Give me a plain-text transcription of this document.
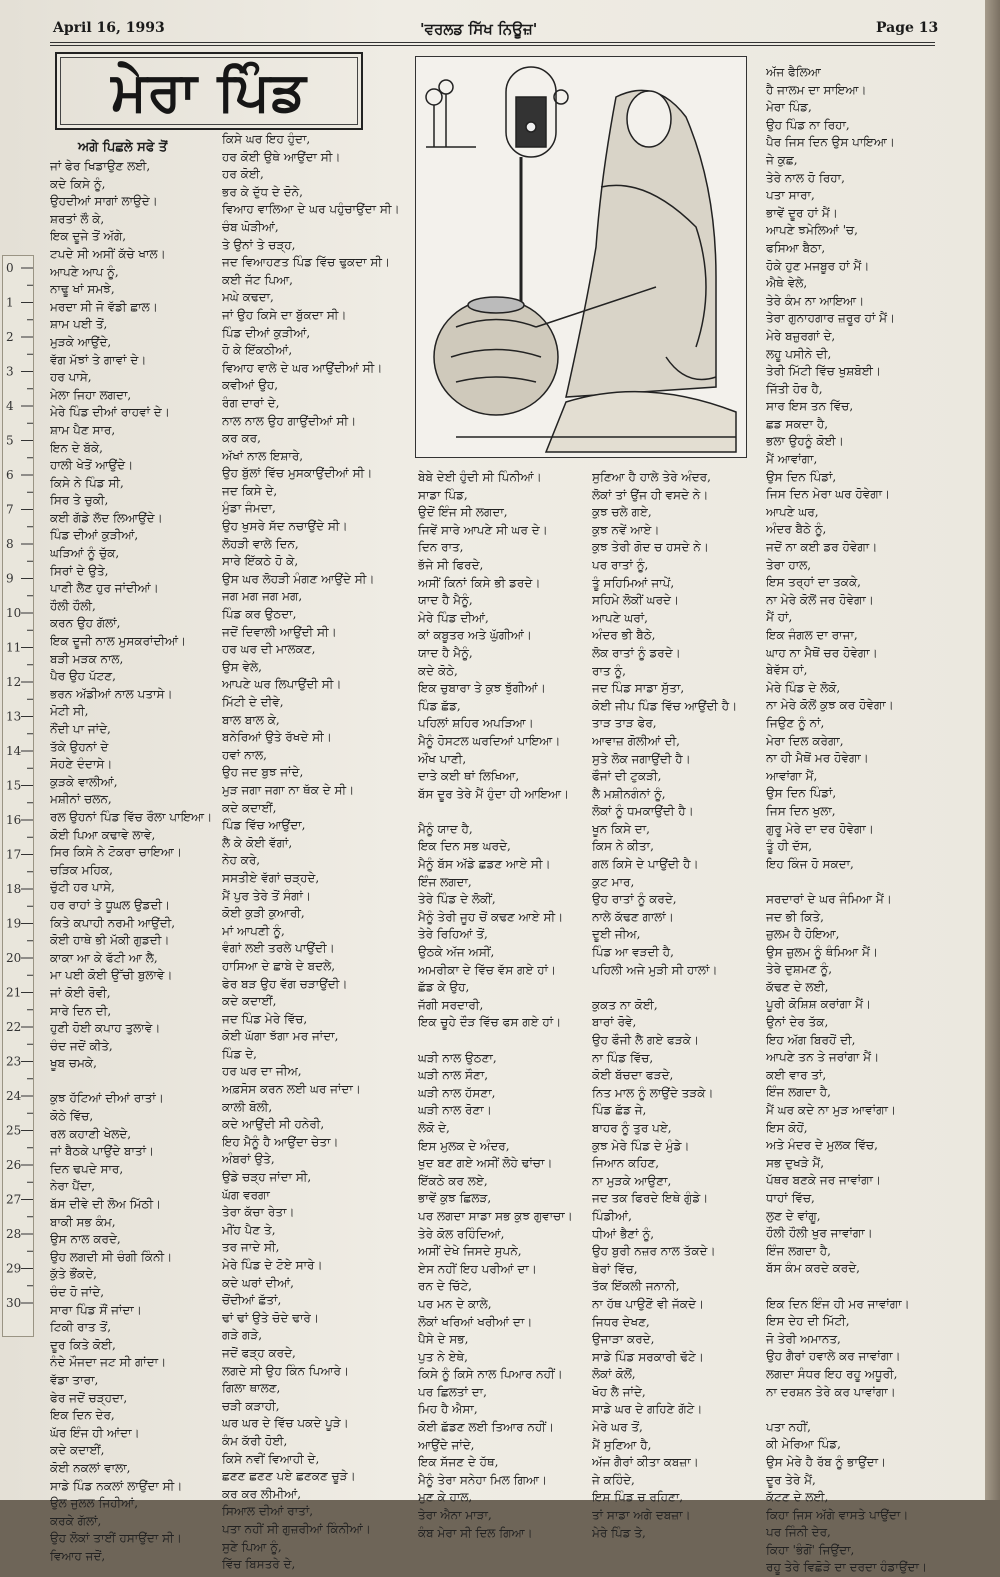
April 16, 1993	'ਵਰਲਡ ਸਿੱਖ ਨਿਊਜ਼'	Page 13
ਮੇਰਾ ਪਿੰਡ
ਅਗੇ ਪਿਛਲੇ ਸਫੇ ਤੋਂ
0
1
2
3
4
5
6
7
8
9
10
11
12
13
14
15
16
17
18
19
20
21
22
23
24
25
26
27
28
29
30
ਜਾਂ ਫੇਰ ਖਿਡਾਉਣ ਲਈ,
ਕਦੇ ਕਿਸੇ ਨੂੰ,
ਉਹਦੀਆਂ ਸਾਗਾਂ ਲਾਉਦੇ।
ਸ਼ਰਤਾਂ ਲੌ ਕੇ,
ਇਕ ਦੂਜੇ ਤੋਂ ਅੱਗੇ,
ਟਪਦੇ ਸੀ ਅਸੀਂ ਕੱਚੇ ਖਾਲ।
ਆਪਣੇ ਆਪ ਨੂੰ,
ਨਾਢੂ ਖਾਂ ਸਮਝੇ,
ਮਰਦਾ ਸੀ ਜੋ ਵੱਡੀ ਛਾਲ।
ਸ਼ਾਮ ਪਈ ਤੋਂ,
ਮੁੜਕੇ ਆਉਂਦੇ,
ਵੱਗ ਮੱਝਾਂ ਤੇ ਗਾਵਾਂ ਦੇ।
ਹਰ ਪਾਸੇ,
ਮੇਲਾ ਜਿਹਾ ਲਗਦਾ,
ਮੇਰੇ ਪਿੰਡ ਦੀਆਂ ਰਾਹਵਾਂ ਦੇ।
ਸ਼ਾਮ ਪੈਣ ਸਾਰ,
ਇਨ ਦੇ ਬੱਕੇ,
ਹਾਲੀ ਖੇਤੋਂ ਆਉਂਦੇ।
ਕਿਸੇ ਨੇ ਪਿੰਡ ਸੀ,
ਸਿਰ ਤੇ ਚੁਕੀ,
ਕਈ ਗੱਡੇ ਲੱਦ ਲਿਆਉਂਦੇ।
ਪਿੰਡ ਦੀਆਂ ਕੁੜੀਆਂ,
ਘੜਿਆਂ ਨੂੰ ਚੁੱਕ,
ਸਿਰਾਂ ਦੇ ਉਤੇ,
ਪਾਣੀ ਲੈਣ ਹੁਰ ਜਾਂਦੀਆਂ।
ਹੌਲੀ ਹੌਲੀ,
ਕਰਨ ਉਹ ਗੱਲਾਂ,
ਇਕ ਦੂਜੀ ਨਾਲ ਮੁਸਕਰਾਂਦੀਆਂ।
ਬੜੀ ਮੜਕ ਨਾਲ,
ਪੈਰ ਉਹ ਪੱਟਣ,
ਭਰਨ ਅੱਡੀਆਂ ਨਾਲ ਪਤਾਸੇ।
ਮੋਟੀ ਸੀ,
ਨੌਂਦੀ ਪਾ ਜਾਂਦੇ,
ਤੱਕੇ ਉਹਨਾਂ ਦੇ
ਸੋਹਣੇ ਦੰਦਾਸੇ।
ਕੁੜਕੇ ਵਾਲੀਆਂ,
ਮਸ਼ੀਨਾਂ ਚਲਨ,
ਰਲ ਉਹਨਾਂ ਪਿੰਡ ਵਿੱਚ ਰੌਲਾ ਪਾਇਆ।
ਕੋਈ ਪਿਆ ਕਢਾਵੇ ਲਾਵੇ,
ਸਿਰ ਕਿਸੇ ਨੇ ਟੋਕਰਾ ਚਾਇਆ।
ਚੜਿਕ ਮਹਿਕ,
ਚੁੱਟੀ ਹਰ ਪਾਸੇ,
ਹਰ ਰਾਹਾਂ ਤੇ ਧੂਘਲ ਉਡਦੀ।
ਕਿਤੇ ਕਪਾਹੀ ਨਰਮੀ ਆਉਂਦੀ,
ਕੋਈ ਹਾਥੇ ਭੀ ਮੱਕੀ ਗੁਡਦੀ।
ਕਾਕਾ ਆ ਕੇ ਫੱਟੀ ਆ ਲੈ,
ਮਾ ਪਈ ਕੋਈ ਉੱਚੀ ਬੁਲਾਵੇ।
ਜਾਂ ਕੋਈ ਰੋਵੀ,
ਸਾਰੇ ਦਿਨ ਦੀ,
ਹੁਣੀ ਹੋਈ ਕਪਾਹ ਤੁਲਾਵੇ।
ਚੰਦ ਜਦੋਂ ਕੀਤੇ,
ਖੂਬ ਚਮਕੇ,
ਕੁਝ ਹੱਟਿਆਂ ਦੀਆਂ ਰਾਤਾਂ।
ਕੋਠੇ ਵਿੱਚ,
ਰਲ ਕਹਾਣੀ ਖੇਲਦੇ,
ਜਾਂ ਬੈਠਕੇ ਪਾਉਂਦੇ ਬਾਤਾਂ।
ਦਿਨ ਢਪਦੇ ਸਾਰ,
ਨੇਰਾ ਪੈਂਦਾ,
ਬੱਸ ਦੀਵੇ ਦੀ ਲੋਅ ਮਿੱਠੀ।
ਬਾਕੀ ਸਭ ਕੰਮ,
ਉਸ ਨਾਲ ਕਰਦੇ,
ਉਹ ਲਗਦੀ ਸੀ ਚੰਗੀ ਕਿੰਨੀ।
ਕੁੱਤੇ ਭੌਂਕਦੇ,
ਚੰਦ ਹੋ ਜਾਂਦੇ,
ਸਾਰਾ ਪਿੰਡ ਸੌਂ ਜਾਂਦਾ।
ਟਿਕੀ ਰਾਤ ਤੋਂ,
ਦੂਰ ਕਿਤੇ ਕੋਈ,
ਨੰਦੇ ਮੌਜਦਾ ਜਟ ਸੀ ਗਾਂਦਾ।
ਵੱਡਾ ਤਾਰਾ,
ਫੇਰ ਜਦੋਂ ਚੜ੍ਹਦਾ,
ਇਕ ਦਿਨ ਦੇਰ,
ਘੱਰ ਇੰਜ ਹੀ ਆਂਦਾ।
ਕਦੇ ਕਦਾਈਂ,
ਕੋਈ ਨਕਲਾਂ ਵਾਲਾ,
ਸਾਡੇ ਪਿੰਡ ਨਕਲਾਂ ਲਾਉਂਦਾ ਸੀ।
ਉਲ ਜੁਲਲ ਜਿਹੀਆਂ,
ਕਰਕੇ ਗੱਲਾਂ,
ਉਹ ਲੋਕਾਂ ਤਾਈਂ ਹਸਾਉਂਦਾ ਸੀ।
ਵਿਆਹ ਜਦੋਂ,
ਕਿਸੇ ਘਰ ਇਹ ਹੁੰਦਾ,
ਹਰ ਕੋਈ ਉਥੇ ਆਉਂਦਾ ਸੀ।
ਹਰ ਕੋਈ,
ਭਰ ਕੇ ਦੁੱਧ ਦੇ ਦੋਨੇ,
ਵਿਆਹ ਵਾਲਿਆ ਦੇ ਘਰ ਪਹੁੰਚਾਉਂਦਾ ਸੀ।
ਚੰਬ ਘੋੜੀਆਂ,
ਤੇ ਉਨਾਂ ਤੇ ਚੜ੍ਹ,
ਜਦ ਵਿਆਹਣਤ ਪਿੰਡ ਵਿੱਚ ਢੁਕਦਾ ਸੀ।
ਕਈ ਜੱਟ ਪਿਆ,
ਮਘੇ ਕਢਦਾ,
ਜਾਂ ਉਹ ਕਿਸੇ ਦਾ ਬੁੱਕਦਾ ਸੀ।
ਪਿੰਡ ਦੀਆਂ ਕੁੜੀਆਂ,
ਹੋ ਕੇ ਇੱਕਠੀਆਂ,
ਵਿਆਹ ਵਾਲੇ ਦੇ ਘਰ ਆਉਂਦੀਆਂ ਸੀ।
ਕਵੀਆਂ ਉਹ,
ਰੰਗ ਦਾਰਾਂ ਦੇ,
ਨਾਲ ਨਾਲ ਉਹ ਗਾਉਂਦੀਆਂ ਸੀ।
ਕਰ ਕਰ,
ਅੱਖਾਂ ਨਾਲ ਇਸ਼ਾਰੇ,
ਉਹ ਬੁੱਲਾਂ ਵਿੱਚ ਮੁਸਕਾਉਂਦੀਆਂ ਸੀ।
ਜਦ ਕਿਸੇ ਦੇ,
ਮੁੰਡਾ ਜੰਮਦਾ,
ਉਹ ਖੁਸਰੇ ਸੱਦ ਨਚਾਉਂਦੇ ਸੀ।
ਲੋਹੜੀ ਵਾਲੇ ਦਿਨ,
ਸਾਰੇ ਇੱਕਠੇ ਹੋ ਕੇ,
ਉਸ ਘਰ ਲੋਹੜੀ ਮੰਗਣ ਆਉਂਦੇ ਸੀ।
ਜਗ ਮਗ ਜਗ ਮਗ,
ਪਿੰਡ ਕਰ ਉਠਦਾ,
ਜਦੋਂ ਦਿਵਾਲੀ ਆਉਂਦੀ ਸੀ।
ਹਰ ਘਰ ਦੀ ਮਾਲਕਣ,
ਉਸ ਵੇਲੇ,
ਆਪਣੇ ਘਰ ਲਿਪਾਉਂਦੀ ਸੀ।
ਮਿੱਟੀ ਦੇ ਦੀਵੇ,
ਬਾਲ ਬਾਲ ਕੇ,
ਬਨੇਰਿਆਂ ਉਤੇ ਰੱਖਦੇ ਸੀ।
ਹਵਾਂ ਨਾਲ,
ਉਹ ਜਦ ਬੁਝ ਜਾਂਦੇ,
ਮੁੜ ਜਗਾ ਜਗਾ ਨਾ ਥੱਕ ਦੇ ਸੀ।
ਕਦੇ ਕਦਾਈਂ,
ਪਿੰਡ ਵਿੱਚ ਆਉਂਦਾ,
ਲੈ ਕੇ ਕੋਈ ਵੱਗਾਂ,
ਨੇਹ ਕਰੇ,
ਸਸਤੀਏ ਵੱਗਾਂ ਚੜ੍ਹਦੇ,
ਮੈਂ ਪੁਰ ਤੇਰੇ ਤੋਂ ਸੰਗਾਂ।
ਕੋਈ ਕੁੜੀ ਕੁਆਰੀ,
ਮਾਂ ਆਪਣੀ ਨੂੰ,
ਵੰਗਾਂ ਲਈ ਤਰਲੇ ਪਾਉਂਦੀ।
ਹਾਸਿਆ ਦੇ ਛਾਬੇ ਦੇ ਬਦਲੇ,
ਫੇਰ ਬੜ ਉਹ ਵੱਗ ਚੜਾਉਂਦੀ।
ਕਦੇ ਕਦਾਈਂ,
ਜਦ ਪਿੰਡ ਮੇਰੇ ਵਿੱਚ,
ਕੋਈ ਘੱਗਾ ਝੱਗਾ ਮਰ ਜਾਂਦਾ,
ਪਿੰਡ ਦੇ,
ਹਰ ਘਰ ਦਾ ਜੀਅ,
ਅਫ਼ਸੋਸ ਕਰਨ ਲਈ ਘਰ ਜਾਂਦਾ।
ਕਾਲੀ ਬੋਲੀ,
ਕਦੇ ਆਉਂਦੀ ਸੀ ਹਨੇਰੀ,
ਇਹ ਮੈਨੂੰ ਹੈ ਆਉਂਦਾ ਚੇਤਾ।
ਅੰਬਰਾਂ ਉਤੇ,
ਉਡੇ ਚੜ੍ਹ ਜਾਂਦਾ ਸੀ,
ਘੱਗ ਵਰਗਾ
ਤੇਰਾ ਕੱਚਾ ਰੇਤਾ।
ਮੀਂਹ ਪੈਣ ਤੇ,
ਤਰ ਜਾਦੇ ਸੀ,
ਮੇਰੇ ਪਿੰਡ ਦੇ ਟੋਏ ਸਾਰੇ।
ਕਦੇ ਘਰਾਂ ਦੀਆਂ,
ਚੋਂਦੀਆਂ ਛੱਤਾਂ,
ਢਾਂ ਢਾਂ ਉਤੇ ਚੋਦੇ ਢਾਰੇ।
ਗੜੇ ਗੜੇ,
ਜਦੋਂ ਫੜ੍ਹ ਕਰਦੇ,
ਲਗਦੇ ਸੀ ਉਹ ਕਿੰਨ ਪਿਆਰੇ।
ਗਿਲਾ ਥਾਲਣ,
ਚੜੀ ਕੜਾਹੀ,
ਘਰ ਘਰ ਦੇ ਵਿੱਚ ਪਕਦੇ ਪੂੜੇ।
ਕੰਮ ਕੱਰੀ ਹੋਈ,
ਕਿਸੇ ਨਵੀਂ ਵਿਆਹੀ ਦੇ,
ਛਣਣ ਛਣਣ ਪਏ ਛਣਕਣ ਚੂੜੇ।
ਕਰ ਕਰ ਲੀਮੀਆਂ,
ਸਿਆਲ ਦੀਆਂ ਰਾਤਾਂ,
ਪਤਾ ਨਹੀਂ ਸੀ ਗੁਜ਼ਰੀਆਂ ਕਿੰਨੀਆਂ।
ਸੁਣੇ ਪਿਆ ਨੂੰ,
ਵਿੱਚ ਬਿਸਤਰੇ ਦੇ,
ਬੇਬੇ ਦੇਈ ਹੁੰਦੀ ਸੀ ਪਿੰਨੀਆਂ।
ਸਾਡਾ ਪਿੰਡ,
ਉਦੋਂ ਇੰਜ ਸੀ ਲਗਦਾ,
ਜਿਵੇਂ ਸਾਰੇ ਆਪਣੇ ਸੀ ਘਰ ਦੇ।
ਦਿਨ ਰਾਤ,
ਭੱਜੇ ਸੀ ਫਿਰਦੇ,
ਅਸੀਂ ਕਿਨਾਂ ਕਿਸੇ ਭੀ ਡਰਦੇ।
ਯਾਦ ਹੈ ਮੈਨੂੰ,
ਮੇਰੇ ਪਿੰਡ ਦੀਆਂ,
ਕਾਂ ਕਬੂਤਰ ਅਤੇ ਘੁੱਗੀਆਂ।
ਯਾਦ ਹੈ ਮੈਨੂੰ,
ਕਦੇ ਕੋਠੇ,
ਇਕ ਚੁਬਾਰਾ ਤੇ ਕੁਝ ਝੁੱਗੀਆਂ।
ਪਿੰਡ ਛੱਡ,
ਪਹਿਲਾਂ ਸ਼ਹਿਰ ਅਪੜਿਆ।
ਮੈਨੂੰ ਹੋਸਟਲ ਘਰਦਿਆਂ ਪਾਇਆ।
ਔਖ ਪਾਣੀ,
ਦਾਤੇ ਕਈ ਥਾਂ ਲਿਖਿਆ,
ਬੱਸ ਦੂਰ ਤੇਰੇ ਮੈਂ ਹੁੰਦਾ ਹੀ ਆਇਆ।
ਮੈਨੂੰ ਯਾਦ ਹੈ,
ਇਕ ਦਿਨ ਸਭ ਘਰਦੇ,
ਮੈਨੂੰ ਬੱਸ ਅੱਡੇ ਛਡਣ ਆਏ ਸੀ।
ਇੰਜ ਲਗਦਾ,
ਤੇਰੇ ਪਿੰਡ ਦੇ ਲੋਕੀਂ,
ਮੈਨੂੰ ਤੇਰੀ ਜੂਹ ਚੋਂ ਕਢਣ ਆਏ ਸੀ।
ਤੇਰੇ ਰਿਹਿਆਂ ਤੋਂ,
ਉਠਕੇ ਅੱਜ ਅਸੀਂ,
ਅਮਰੀਕਾ ਦੇ ਵਿੱਚ ਵੱਸ ਗਏ ਹਾਂ।
ਛੱਡ ਕੇ ਉਹ,
ਜੱਗੀ ਸਰਦਾਰੀ,
ਇਕ ਚੂਹੇ ਦੌੜ ਵਿੱਚ ਫਸ ਗਏ ਹਾਂ।
ਘੜੀ ਨਾਲ ਉਠਣਾ,
ਘੜੀ ਨਾਲ ਸੌਣਾ,
ਘੜੀ ਨਾਲ ਹੱਸਣਾ,
ਘੜੀ ਨਾਲ ਰੋਣਾ।
ਲੋਕੋ ਦੇ,
ਇਸ ਮੁਲਕ ਦੇ ਅੰਦਰ,
ਖੁਦ ਬਣ ਗਏ ਅਸੀਂ ਲੋਹੇ ਢਾਂਚਾ।
ਇੱਕਠੇ ਕਰ ਲਏ,
ਭਾਵੇਂ ਕੁਝ ਛਿਲੜ,
ਪਰ ਲਗਦਾ ਸਾਡਾ ਸਭ ਕੁਝ ਗੁਵਾਚਾ।
ਤੇਰੇ ਕੋਲ ਰਹਿੰਦਿਆਂ,
ਅਸੀਂ ਦੇਖੇ ਜਿਸਦੇ ਸੁਪਨੇ,
ਏਸ ਨਹੀਂ ਇਹ ਪਰੀਆਂ ਦਾ।
ਰਨ ਦੇ ਚਿੱਟੇ,
ਪਰ ਮਨ ਦੇ ਕਾਲੇ,
ਲੋਕਾਂ ਖਰਿਆਂ ਖਰੀਆਂ ਦਾ।
ਪੈਸੇ ਦੇ ਸਭ,
ਪੁਤ ਨੇ ਏਥੇ,
ਕਿਸੇ ਨੂੰ ਕਿਸੇ ਨਾਲ ਪਿਆਰ ਨਹੀਂ।
ਪਰ ਛਿਲਤਾਂ ਦਾ,
ਮਿਹ ਹੈ ਐਸਾ,
ਕੋਈ ਛੱਡਣ ਲਈ ਤਿਆਰ ਨਹੀਂ।
ਆਉਂਦੇ ਜਾਂਦੇ,
ਇਕ ਸੱਜਣ ਦੇ ਹੱਥ,
ਮੈਨੂੰ ਤੇਰਾ ਸਨੇਹਾ ਮਿਲ ਗਿਆ।
ਮੁਣ ਕੇ ਹਾਲ,
ਤੇਰਾ ਐਨਾ ਮਾੜਾ,
ਕੰਬ ਮੇਰਾ ਸੀ ਦਿਲ ਗਿਆ।
ਸੁਣਿਆ ਹੈ ਹਾਲੇ ਤੇਰੇ ਅੰਦਰ,
ਲੋਕਾਂ ਤਾਂ ਉਂਜ ਹੀ ਵਸਦੇ ਨੇ।
ਕੁਝ ਚਲੇ ਗਏ,
ਕੁਝ ਨਵੇਂ ਆਏ।
ਕੁਝ ਤੇਰੀ ਗੋਦ ਚ ਹਸਦੇ ਨੇ।
ਪਰ ਰਾਤਾਂ ਨੂੰ,
ਤੂੰ ਸਹਿਮਿਆਂ ਜਾਪੇਂ,
ਸਹਿਮੇ ਲੋਕੀਂ ਘਰਦੇ।
ਆਪਣੇ ਘਰਾਂ,
ਅੰਦਰ ਭੀ ਬੈਠੇ,
ਲੋਕ ਰਾਤਾਂ ਨੂੰ ਡਰਦੇ।
ਰਾਤ ਨੂੰ,
ਜਦ ਪਿੰਡ ਸਾਡਾ ਸੁੱਤਾ,
ਕੋਈ ਜੀਪ ਪਿੰਡ ਵਿੱਚ ਆਉਂਦੀ ਹੈ।
ਤਾੜ ਤਾੜ ਫੇਰ,
ਆਵਾਜ਼ ਗੋਲੀਆਂ ਦੀ,
ਸੁਤੇ ਲੋਕ ਜਗਾਉਂਦੀ ਹੈ।
ਫੌਜਾਂ ਦੀ ਟੁਕੜੀ,
ਲੈ ਮਸ਼ੀਨਗੰਨਾਂ ਨੂੰ,
ਲੋਕਾਂ ਨੂੰ ਧਮਕਾਉਂਦੀ ਹੈ।
ਖੂਨ ਕਿਸੇ ਦਾ,
ਕਿਸ ਨੇ ਕੀਤਾ,
ਗਲ ਕਿਸੇ ਦੇ ਪਾਉਂਦੀ ਹੈ।
ਕੁਟ ਮਾਰ,
ਉਹ ਰਾਤਾਂ ਨੂੰ ਕਰਦੇ,
ਨਾਲੇ ਕੱਢਣ ਗਾਲਾਂ।
ਦੂਈ ਜੀਅ,
ਪਿੰਡ ਆ ਵੜਦੀ ਹੈ,
ਪਹਿਲੀ ਅਜੇ ਮੁੜੀ ਸੀ ਹਾਲਾਂ।
ਕੁਕਤ ਨਾ ਕੋਈ,
ਬਾਰਾਂ ਰੋਵੇ,
ਉਹ ਫੌਜੀ ਲੈ ਗਏ ਫੜਕੇ।
ਨਾ ਪਿੰਡ ਵਿੱਚ,
ਕੋਈ ਬੱਚਦਾ ਫੜਦੇ,
ਨਿਤ ਮਾਲ ਨੂੰ ਲਾਉਂਦੇ ਤੜਕੇ।
ਪਿੰਡ ਛੱਡ ਜੇ,
ਬਾਹਰ ਨੂੰ ਤੁਰ ਪਏ,
ਕੁਝ ਮੇਰੇ ਪਿੰਡ ਦੇ ਮੁੰਡੇ।
ਜਿਆਨ ਕਹਿਣ,
ਨਾ ਮੁੜਕੇ ਆਉਣਾ,
ਜਦ ਤਕ ਫਿਰਦੇ ਇਥੇ ਗੁੰਡੇ।
ਪਿੰਡੀਆਂ,
ਧੀਆਂ ਭੈਣਾਂ ਨੂੰ,
ਉਹ ਬੁਰੀ ਨਜ਼ਰ ਨਾਲ ਤੱਕਦੇ।
ਥੇਰਾਂ ਵਿੱਚ,
ਤੱਕ ਇੱਕਲੀ ਜਨਾਨੀ,
ਨਾ ਹੱਥ ਪਾਉਣੋਂ ਵੀ ਜੱਕਦੇ।
ਜਿਧਰ ਦੇਖਣ,
ਉਜਾੜਾ ਕਰਦੇ,
ਸਾਡੇ ਪਿੰਡ ਸਰਕਾਰੀ ਢੱਟੇ।
ਲੋਕਾਂ ਕੋਲੋਂ,
ਖੋਹ ਲੈ ਜਾਂਦੇ,
ਸਾਡੇ ਘਰ ਦੇ ਗਹਿਣੇ ਗੱਟੇ।
ਮੇਰੇ ਘਰ ਤੋਂ,
ਮੈਂ ਸੁਣਿਆ ਹੈ,
ਅੱਜ ਗੈਰਾਂ ਕੀਤਾ ਕਬਜ਼ਾ।
ਜੇ ਕਹਿੰਦੇ,
ਇਸ ਪਿੰਡ ਚ ਰਹਿਣਾ,
ਤਾਂ ਸਾਡਾ ਅਗੇ ਦਬਜ਼ਾ।
ਮੇਰੇ ਪਿੰਡ ਤੇ,
ਅੱਜ ਫੈਲਿਆ
ਹੈ ਜਾਲਮ ਦਾ ਸਾਇਆ।
ਮੇਰਾ ਪਿੰਡ,
ਉਹ ਪਿੰਡ ਨਾ ਰਿਹਾ,
ਪੈਰ ਜਿਸ ਦਿਨ ਉਸ ਪਾਇਆ।
ਜੇ ਕੁਛ,
ਤੇਰੇ ਨਾਲ ਹੋ ਰਿਹਾ,
ਪਤਾ ਸਾਰਾ,
ਭਾਵੇਂ ਦੂਰ ਹਾਂ ਮੈਂ।
ਆਪਣੇ ਝਮੇਲਿਆਂ 'ਚ,
ਫਸਿਆ ਬੈਠਾ,
ਹੋਕੇ ਹੁਣ ਮਜਬੂਰ ਹਾਂ ਮੈਂ।
ਐਥੇ ਵੇਲੇ,
ਤੇਰੇ ਕੰਮ ਨਾ ਆਇਆ।
ਤੇਰਾ ਗੁਨਾਹਗਾਰ ਜ਼ਰੂਰ ਹਾਂ ਮੈਂ।
ਮੇਰੇ ਬਜ਼ੁਰਗਾਂ ਦੇ,
ਲਹੂ ਪਸੀਨੇ ਦੀ,
ਤੇਰੀ ਮਿੱਟੀ ਵਿੱਚ ਖੁਸ਼ਬੋਈ।
ਜਿੱਤੀ ਹੋਰ ਹੈ,
ਸਾਰ ਇਸ ਤਨ ਵਿੱਚ,
ਛਡ ਸਕਦਾ ਹੈ,
ਭਲਾ ਉਹਨੂੰ ਕੋਈ।
ਮੈਂ ਆਵਾਂਗਾ,
ਉਸ ਦਿਨ ਪਿੰਡਾਂ,
ਜਿਸ ਦਿਨ ਮੇਰਾ ਘਰ ਹੋਵੇਗਾ।
ਆਪਣੇ ਘਰ,
ਅੰਦਰ ਬੈਠੇ ਨੂੰ,
ਜਦੋਂ ਨਾ ਕਈ ਡਰ ਹੋਵੇਗਾ।
ਤੇਰਾ ਹਾਲ,
ਇਸ ਤਰ੍ਹਾਂ ਦਾ ਤਕਕੇ,
ਨਾ ਮੇਰੇ ਕੋਲੋਂ ਜਰ ਹੋਵੇਗਾ।
ਮੈਂ ਹਾਂ,
ਇਕ ਜੰਗਲ ਦਾ ਰਾਜਾ,
ਘਾਹ ਨਾ ਮੈਥੋਂ ਚਰ ਹੋਵੇਗਾ।
ਬੇਵੱਸ ਹਾਂ,
ਮੇਰੇ ਪਿੰਡ ਦੇ ਲੋਕੋ,
ਨਾ ਮੇਰੇ ਕੋਲੋਂ ਕੁਝ ਕਰ ਹੋਵੇਗਾ।
ਜਿਉਣ ਨੂੰ ਨਾਂ,
ਮੇਰਾ ਦਿਲ ਕਰੇਗਾ,
ਨਾ ਹੀ ਮੈਥੋਂ ਮਰ ਹੋਵੇਗਾ।
ਆਵਾਂਗਾ ਮੈਂ,
ਉਸ ਦਿਨ ਪਿੰਡਾਂ,
ਜਿਸ ਦਿਨ ਖੁਲਾ,
ਗੁਰੂ ਮੇਰੇ ਦਾ ਦਰ ਹੋਵੇਗਾ।
ਤੂੰ ਹੀ ਦੱਸ,
ਇਹ ਕਿੰਜ ਹੋ ਸਕਦਾ,
ਸਰਦਾਰਾਂ ਦੇ ਘਰ ਜੰਮਿਆ ਮੈਂ।
ਜਦ ਭੀ ਕਿਤੇ,
ਜ਼ੁਲਮ ਹੈ ਹੋਇਆ,
ਉਸ ਜ਼ੁਲਮ ਨੂੰ ਥੰਮਿਆ ਮੈਂ।
ਤੇਰੇ ਦੁਸ਼ਮਣ ਨੂੰ,
ਕੱਢਣ ਦੇ ਲਈ,
ਪੂਰੀ ਕੋਸ਼ਿਸ਼ ਕਰਾਂਗਾ ਮੈਂ।
ਉਨਾਂ ਦੇਰ ਤੱਕ,
ਇਹ ਅੱਗ ਬਿਰਹੋਂ ਦੀ,
ਆਪਣੇ ਤਨ ਤੇ ਜਰਾਂਗਾ ਮੈਂ।
ਕਈ ਵਾਰ ਤਾਂ,
ਇੰਜ ਲਗਦਾ ਹੈ,
ਮੈਂ ਘਰ ਕਦੇ ਨਾ ਮੁੜ ਆਵਾਂਗਾ।
ਇਸ ਕੋਹੋਂ,
ਅਤੇ ਮੰਦਰ ਦੇ ਮੁਲਕ ਵਿੱਚ,
ਸਭ ਦੁਖੜੇ ਮੈਂ,
ਪੱਥਰ ਬਣਕੇ ਜਰ ਜਾਵਾਂਗਾ।
ਧਾਹਾਂ ਵਿੱਚ,
ਲੁਣ ਦੇ ਵਾਂਗੂ,
ਹੌਲੀ ਹੌਲੀ ਖੁਰ ਜਾਵਾਂਗਾ।
ਇੰਜ ਲਗਦਾ ਹੈ,
ਬੱਸ ਕੰਮ ਕਰਦੇ ਕਰਦੇ,
ਇਕ ਦਿਨ ਇੰਜ ਹੀ ਮਰ ਜਾਵਾਂਗਾ।
ਇਸ ਦੇਹ ਦੀ ਮਿੱਟੀ,
ਜੋ ਤੇਰੀ ਅਮਾਨਤ,
ਉਹ ਗੈਰਾਂ ਹਵਾਲੇ ਕਰ ਜਾਵਾਂਗਾ।
ਲਗਦਾ ਸੰਧਰ ਇਹ ਰਹੂ ਅਧੂਰੀ,
ਨਾ ਦਰਸ਼ਨ ਤੇਰੇ ਕਰ ਪਾਵਾਂਗਾ।
ਪਤਾ ਨਹੀਂ,
ਕੀ ਮੇਰਿਆ ਪਿੰਡ,
ਉਸ ਮੇਰੇ ਹੈ ਰੱਬ ਨੂੰ ਭਾਉਂਦਾ।
ਦੂਰ ਤੇਰੇ ਮੈਂ,
ਕੱਟਣ ਦੇ ਲਈ,
ਕਿਹਾ ਜਿਸ ਅੱਗੇ ਵਾਸਤੇ ਪਾਉਂਦਾ।
ਪਰ ਜਿੰਨੀ ਦੇਰ,
ਕਿਹਾ 'ਭੰਗੋਂ' ਜਿਉਂਦਾ,
ਰਹੂ ਤੇਰੇ ਵਿਛੋੜੇ ਦਾ ਦਰਦਾ ਹੰਡਾਉਂਦਾ।
